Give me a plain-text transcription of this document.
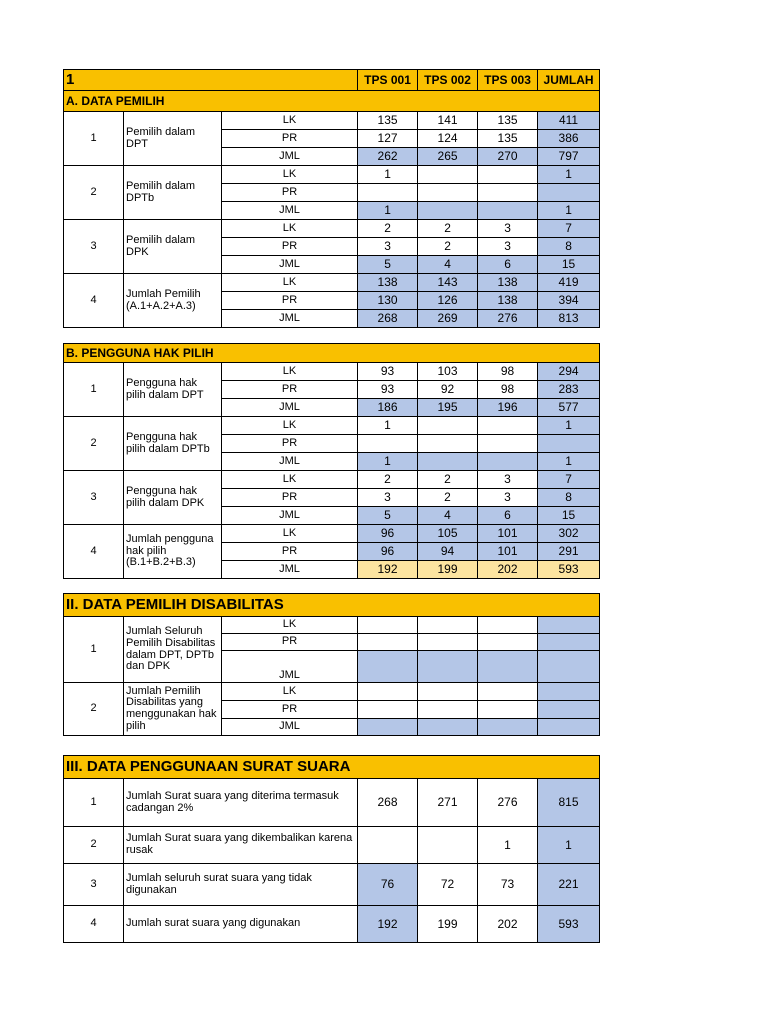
1			TPS 001	TPS 002	TPS 003	JUMLAH
A. DATA PEMILIH						
1	Pemilih dalam DPT	LK	135	141	135	411
		PR	127	124	135	386
		JML	262	265	270	797
2	Pemilih dalam DPTb	LK	1			1
		PR				
		JML	1			1
3	Pemilih dalam DPK	LK	2	2	3	7
		PR	3	2	3	8
		JML	5	4	6	15
4	Jumlah Pemilih (A.1+A.2+A.3)	LK	138	143	138	419
		PR	130	126	138	394
		JML	268	269	276	813
B. PENGGUNA HAK PILIH						
1	Pengguna hak pilih dalam DPT	LK	93	103	98	294
		PR	93	92	98	283
		JML	186	195	196	577
2	Pengguna hak pilih dalam DPTb	LK	1			1
		PR				
		JML	1			1
3	Pengguna hak pilih dalam DPK	LK	2	2	3	7
		PR	3	2	3	8
		JML	5	4	6	15
4	Jumlah pengguna hak pilih (B.1+B.2+B.3)	LK	96	105	101	302
		PR	96	94	101	291
		JML	192	199	202	593
II. DATA PEMILIH DISABILITAS						
1	Jumlah Seluruh Pemilih Disabilitas dalam DPT, DPTb dan DPK	LK				
		PR				
		JML				
2	Jumlah Pemilih Disabilitas yang menggunakan hak pilih	LK				
		PR				
		JML				
III. DATA PENGGUNAAN SURAT SUARA					
1	Jumlah Surat suara yang diterima termasuk cadangan 2%	268	271	276	815
2	Jumlah Surat suara yang dikembalikan karena rusak			1	1
3	Jumlah seluruh surat suara yang tidak digunakan	76	72	73	221
4	Jumlah surat suara yang digunakan	192	199	202	593
